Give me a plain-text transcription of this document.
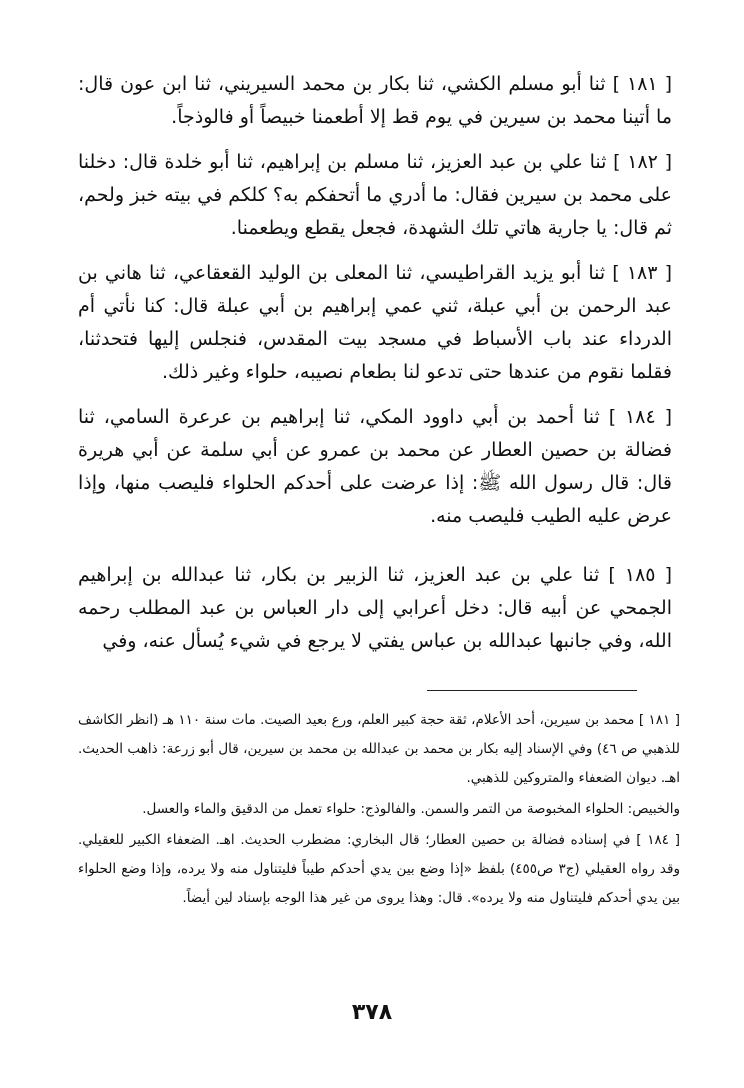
[ ١٨١ ] ثنا أبو مسلم الكشي، ثنا بكار بن محمد السيريني، ثنا ابن عون قال: ما أتينا محمد بن سيرين في يوم قط إلا أطعمنا خبيصاً أو فالوذجاً.

[ ١٨٢ ] ثنا علي بن عبد العزيز، ثنا مسلم بن إبراهيم، ثنا أبو خلدة قال: دخلنا على محمد بن سيرين فقال: ما أدري ما أتحفكم به؟ كلكم في بيته خبز ولحم، ثم قال: يا جارية هاتي تلك الشهدة، فجعل يقطع ويطعمنا.

[ ١٨٣ ] ثنا أبو يزيد القراطيسي، ثنا المعلى بن الوليد القعقاعي، ثنا هاني بن عبد الرحمن بن أبي عبلة، ثني عمي إبراهيم بن أبي عبلة قال: كنا نأتي أم الدرداء عند باب الأسباط في مسجد بيت المقدس، فنجلس إليها فتحدثنا، فقلما نقوم من عندها حتى تدعو لنا بطعام نصيبه، حلواء وغير ذلك.

[ ١٨٤ ] ثنا أحمد بن أبي داوود المكي، ثنا إبراهيم بن عرعرة السامي، ثنا فضالة بن حصين العطار عن محمد بن عمرو عن أبي سلمة عن أبي هريرة قال: قال رسول الله ﷺ: إذا عرضت على أحدكم الحلواء فليصب منها، وإذا عرض عليه الطيب فليصب منه.

[ ١٨٥ ] ثنا علي بن عبد العزيز، ثنا الزبير بن بكار، ثنا عبدالله بن إبراهيم الجمحي عن أبيه قال: دخل أعرابي إلى دار العباس بن عبد المطلب رحمه الله، وفي جانبها عبدالله بن عباس يفتي لا يرجع في شيء يُسأل عنه، وفي

[ ١٨١ ] محمد بن سيرين، أحد الأعلام، ثقة حجة كبير العلم، ورع بعيد الصيت. مات سنة ١١٠ هـ (انظر الكاشف للذهبي ص ٤٦) وفي الإسناد إليه بكار بن محمد بن عبدالله بن محمد بن سيرين، قال أبو زرعة: ذاهب الحديث. اهـ. ديوان الضعفاء والمتروكين للذهبي.

والخبيص: الحلواء المخبوصة من التمر والسمن. والفالوذج: حلواء تعمل من الدقيق والماء والعسل.

[ ١٨٤ ] في إسناده فضالة بن حصين العطار؛ قال البخاري: مضطرب الحديث. اهـ. الضعفاء الكبير للعقيلي. وقد رواه العقيلي (ج٣ ص٤٥٥) بلفظ «إذا وضع بين يدي أحدكم طيباً فليتناول منه ولا يرده، وإذا وضع الحلواء بين يدي أحدكم فليتناول منه ولا يرده». قال: وهذا يروى من غير هذا الوجه بإسناد لين أيضاً.

٣٧٨
